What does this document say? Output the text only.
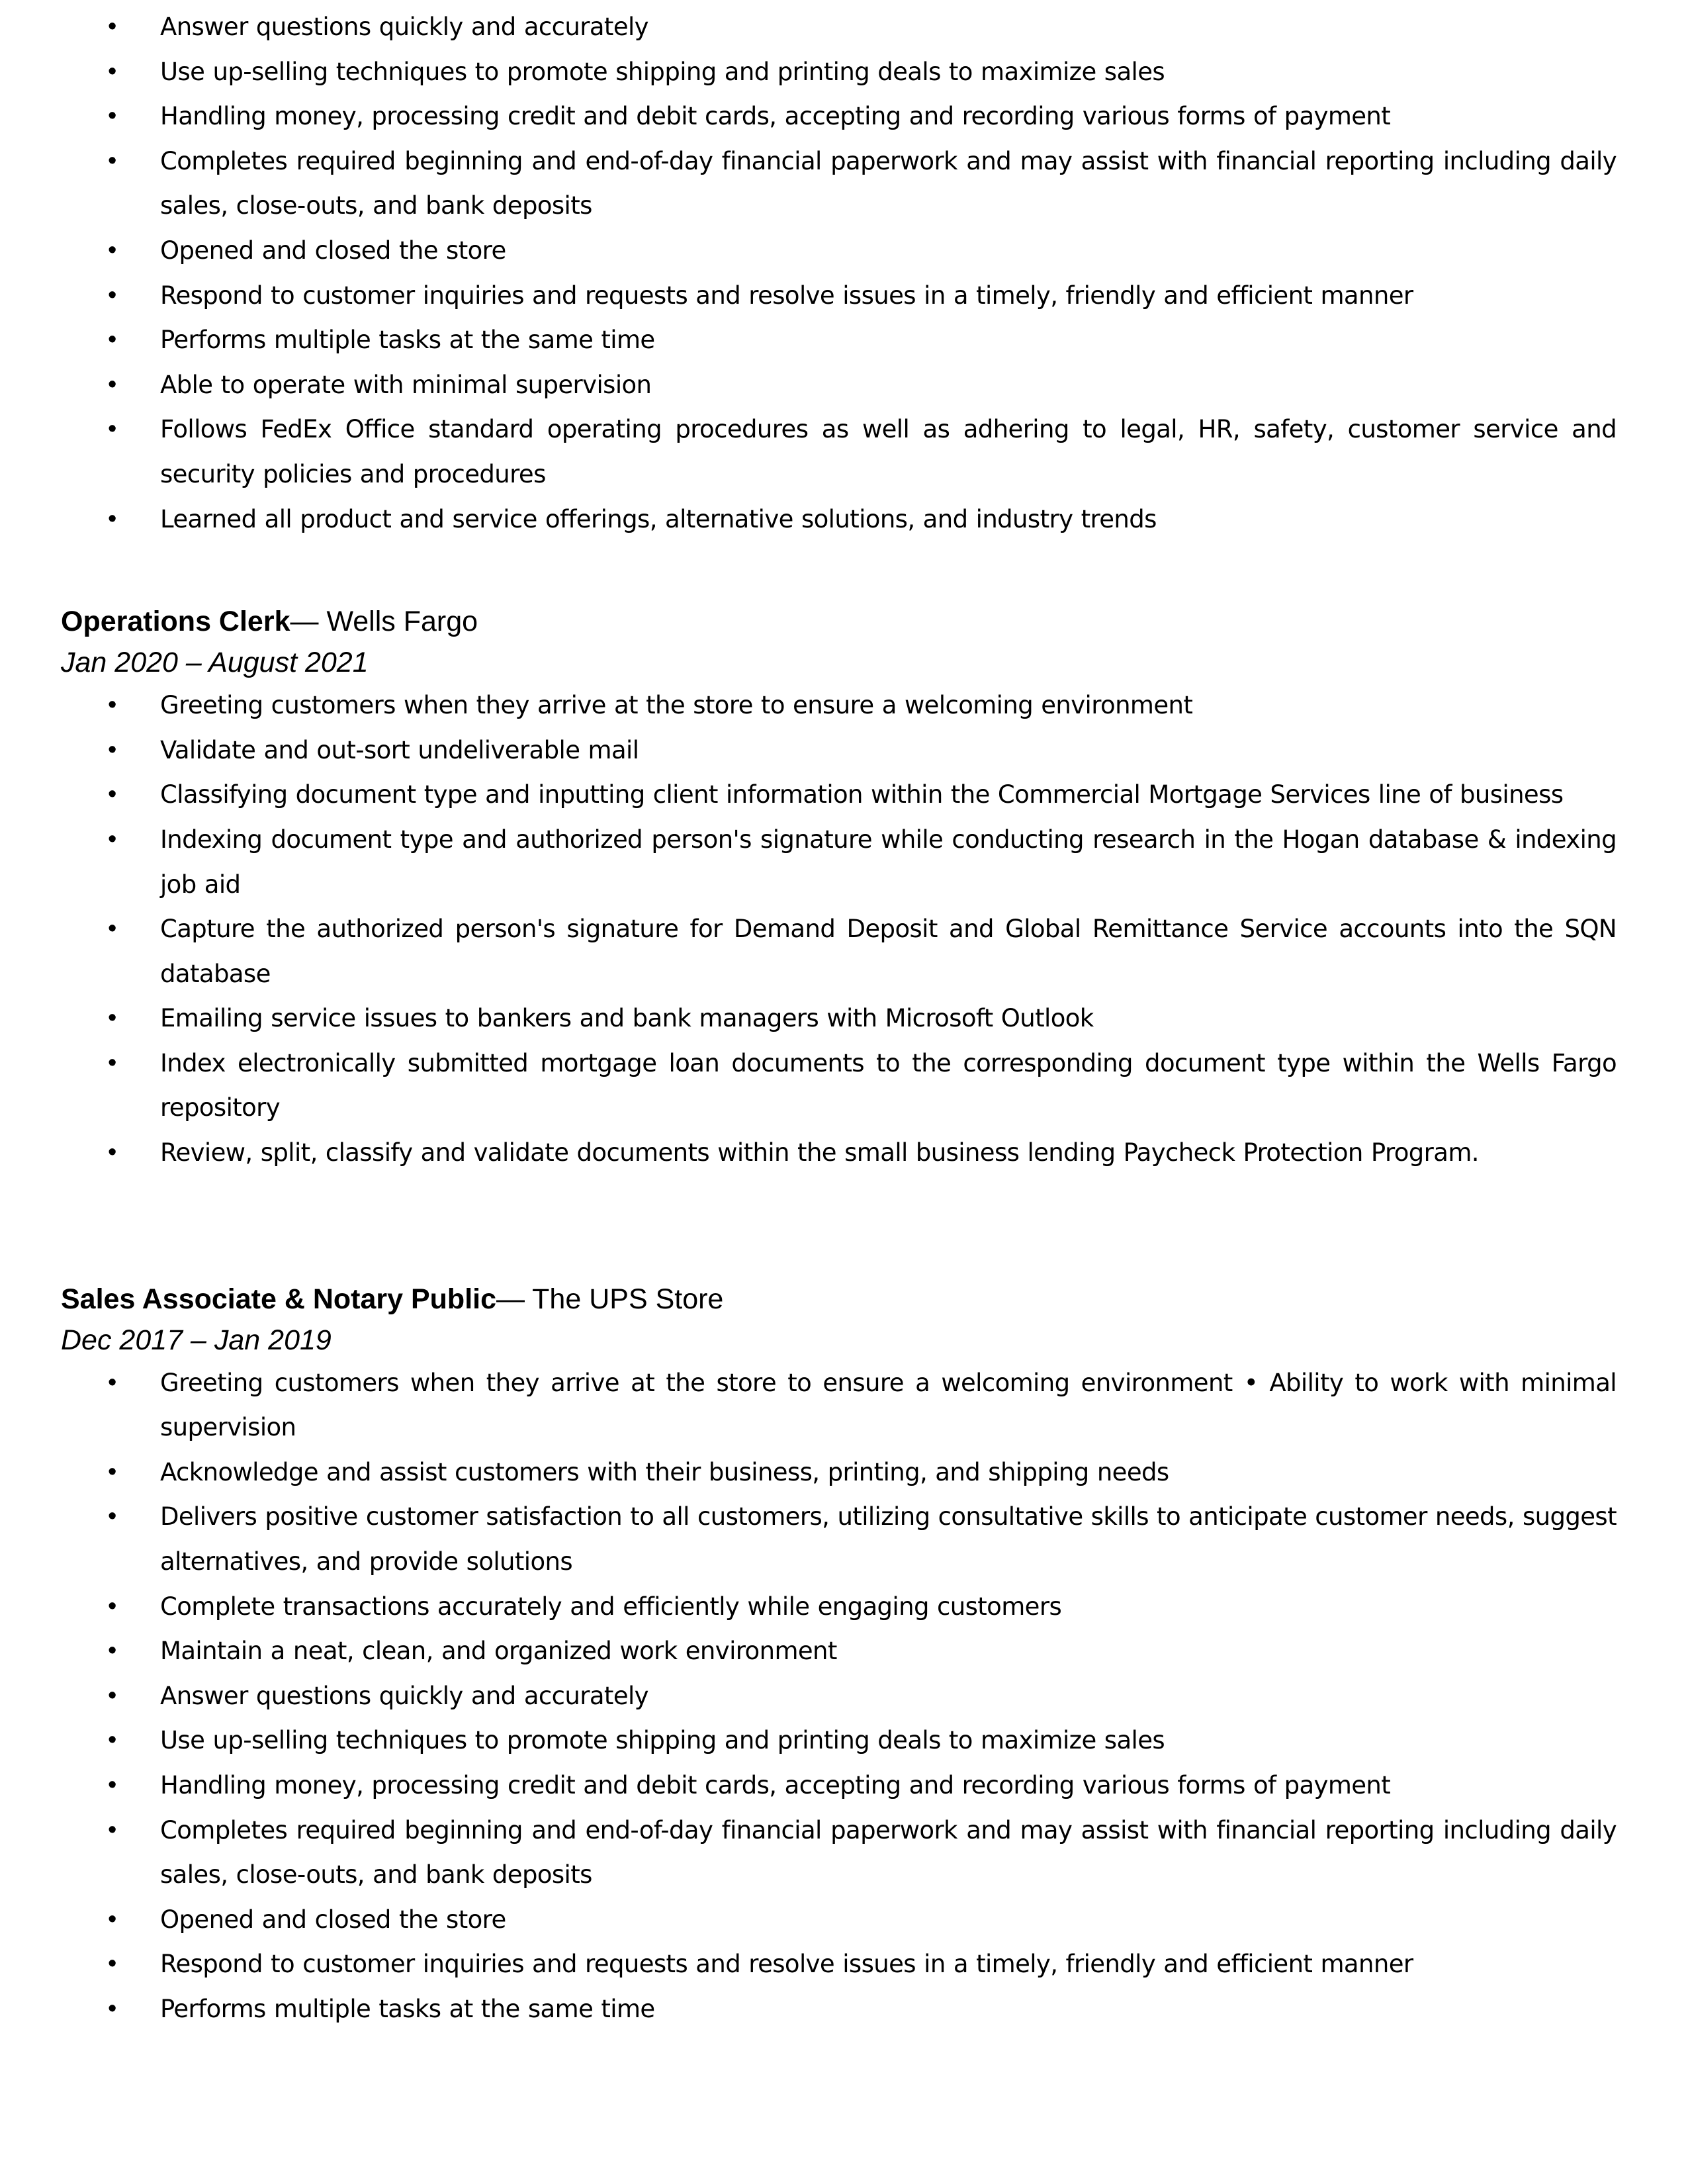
• Answer questions quickly and accurately
• Use up-selling techniques to promote shipping and printing deals to maximize sales
• Handling money, processing credit and debit cards, accepting and recording various forms of payment
• Completes required beginning and end-of-day financial paperwork and may assist with financial reporting including daily sales, close-outs, and bank deposits
• Opened and closed the store
• Respond to customer inquiries and requests and resolve issues in a timely, friendly and efficient manner
• Performs multiple tasks at the same time
• Able to operate with minimal supervision
• Follows FedEx Office standard operating procedures as well as adhering to legal, HR, safety, customer service and security policies and procedures
• Learned all product and service offerings, alternative solutions, and industry trends
Operations Clerk— Wells Fargo
Jan 2020 – August 2021
• Greeting customers when they arrive at the store to ensure a welcoming environment
• Validate and out-sort undeliverable mail
• Classifying document type and inputting client information within the Commercial Mortgage Services line of business
• Indexing document type and authorized person's signature while conducting research in the Hogan database & indexing job aid
• Capture the authorized person's signature for Demand Deposit and Global Remittance Service accounts into the SQN database
• Emailing service issues to bankers and bank managers with Microsoft Outlook
• Index electronically submitted mortgage loan documents to the corresponding document type within the Wells Fargo repository
• Review, split, classify and validate documents within the small business lending Paycheck Protection Program.
Sales Associate & Notary Public— The UPS Store
Dec 2017 – Jan 2019
• Greeting customers when they arrive at the store to ensure a welcoming environment • Ability to work with minimal supervision
• Acknowledge and assist customers with their business, printing, and shipping needs
• Delivers positive customer satisfaction to all customers, utilizing consultative skills to anticipate customer needs, suggest alternatives, and provide solutions
• Complete transactions accurately and efficiently while engaging customers
• Maintain a neat, clean, and organized work environment
• Answer questions quickly and accurately
• Use up-selling techniques to promote shipping and printing deals to maximize sales
• Handling money, processing credit and debit cards, accepting and recording various forms of payment
• Completes required beginning and end-of-day financial paperwork and may assist with financial reporting including daily sales, close-outs, and bank deposits
• Opened and closed the store
• Respond to customer inquiries and requests and resolve issues in a timely, friendly and efficient manner
• Performs multiple tasks at the same time
